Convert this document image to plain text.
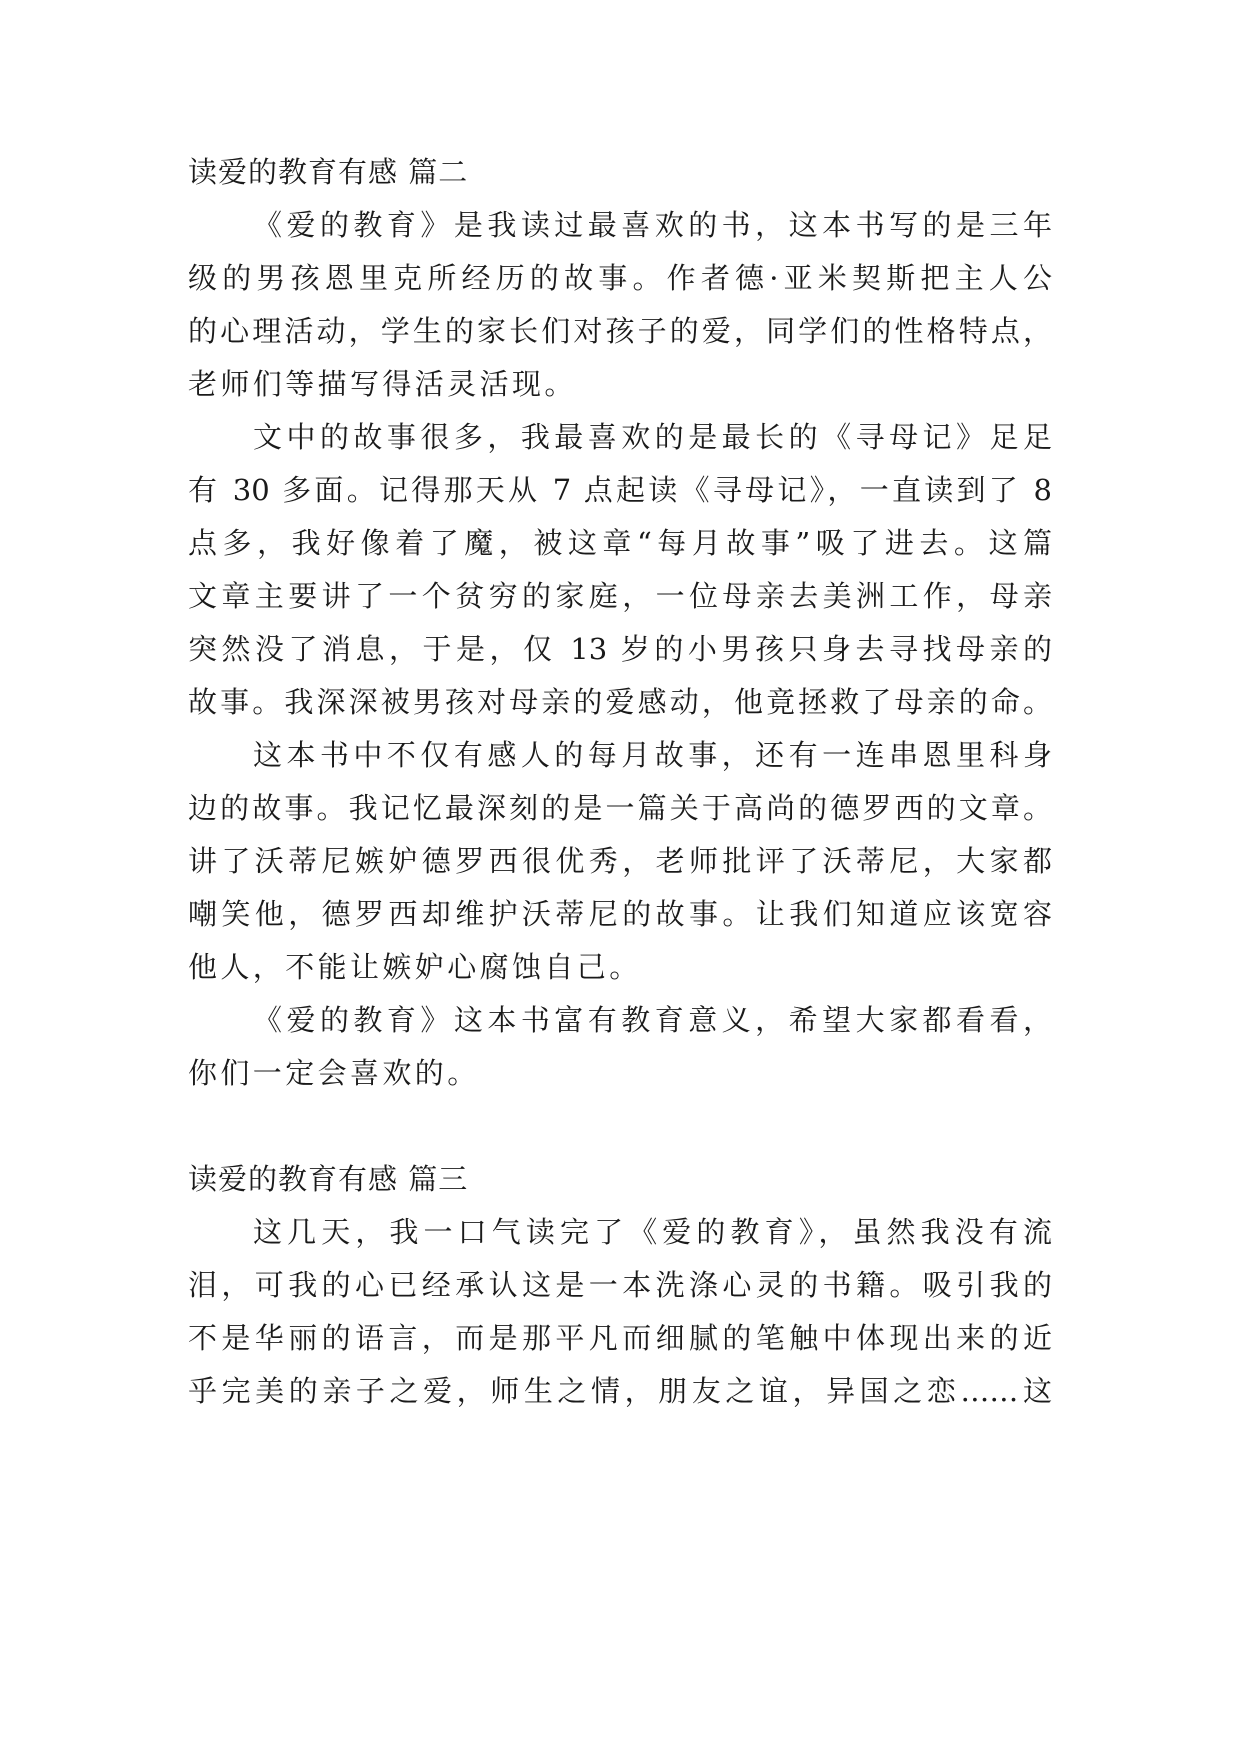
读爱的教育有感 篇二
《爱的教育》是我读过最喜欢的书，这本书写的是三年
级的男孩恩里克所经历的故事。作者德·亚米契斯把主人公
的心理活动，学生的家长们对孩子的爱，同学们的性格特点，
老师们等描写得活灵活现。
文中的故事很多，我最喜欢的是最长的《寻母记》足足
有 30 多面。记得那天从 7 点起读《寻母记》，一直读到了 8
点多，我好像着了魔，被这章“每月故事”吸了进去。这篇
文章主要讲了一个贫穷的家庭，一位母亲去美洲工作，母亲
突然没了消息，于是，仅 13 岁的小男孩只身去寻找母亲的
故事。我深深被男孩对母亲的爱感动，他竟拯救了母亲的命。
这本书中不仅有感人的每月故事，还有一连串恩里科身
边的故事。我记忆最深刻的是一篇关于高尚的德罗西的文章。
讲了沃蒂尼嫉妒德罗西很优秀，老师批评了沃蒂尼，大家都
嘲笑他，德罗西却维护沃蒂尼的故事。让我们知道应该宽容
他人，不能让嫉妒心腐蚀自己。
《爱的教育》这本书富有教育意义，希望大家都看看，
你们一定会喜欢的。
读爱的教育有感 篇三
这几天，我一口气读完了《爱的教育》，虽然我没有流
泪，可我的心已经承认这是一本洗涤心灵的书籍。吸引我的
不是华丽的语言，而是那平凡而细腻的笔触中体现出来的近
乎完美的亲子之爱，师生之情，朋友之谊，异国之恋……这
